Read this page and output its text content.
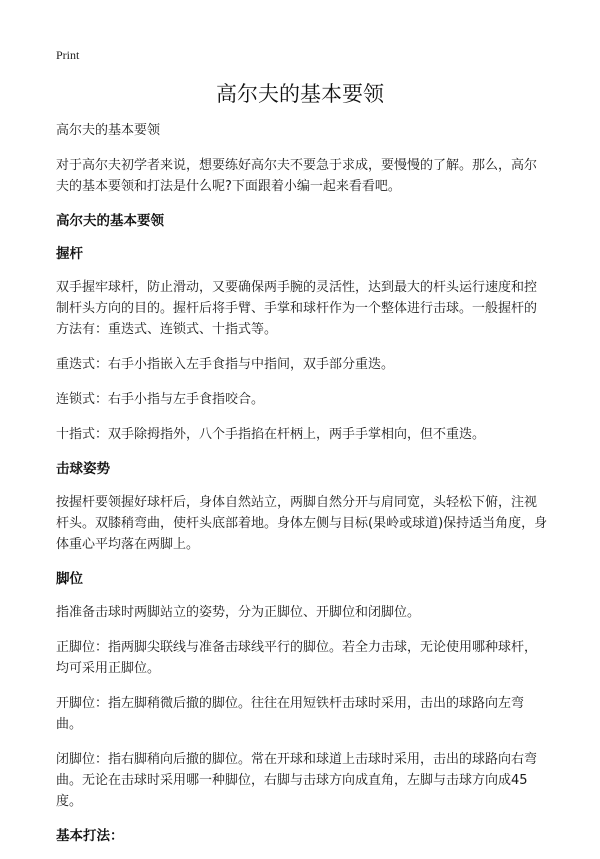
Print
高尔夫的基本要领

高尔夫的基本要领

对于高尔夫初学者来说，想要练好高尔夫不要急于求成，要慢慢的了解。那么，高尔夫的基本要领和打法是什么呢?下面跟着小编一起来看看吧。

高尔夫的基本要领
握杆

双手握牢球杆，防止滑动，又要确保两手腕的灵活性，达到最大的杆头运行速度和控制杆头方向的目的。握杆后将手臂、手掌和球杆作为一个整体进行击球。一般握杆的方法有：重迭式、连锁式、十指式等。

重迭式：右手小指嵌入左手食指与中指间，双手部分重迭。

连锁式：右手小指与左手食指咬合。

十指式：双手除拇指外，八个手指掐在杆柄上，两手手掌相向，但不重迭。

击球姿势

按握杆要领握好球杆后，身体自然站立，两脚自然分开与肩同宽，头轻松下俯，注视杆头。双膝稍弯曲，使杆头底部着地。身体左侧与目标(果岭或球道)保持适当角度，身体重心平均落在两脚上。

脚位

指准备击球时两脚站立的姿势，分为正脚位、开脚位和闭脚位。

正脚位：指两脚尖联线与准备击球线平行的脚位。若全力击球，无论使用哪种球杆，均可采用正脚位。

开脚位：指左脚稍微后撤的脚位。往往在用短铁杆击球时采用，击出的球路向左弯曲。

闭脚位：指右脚稍向后撤的脚位。常在开球和球道上击球时采用，击出的球路向右弯曲。无论在击球时采用哪一种脚位，右脚与击球方向成直角，左脚与击球方向成45度。

基本打法：
